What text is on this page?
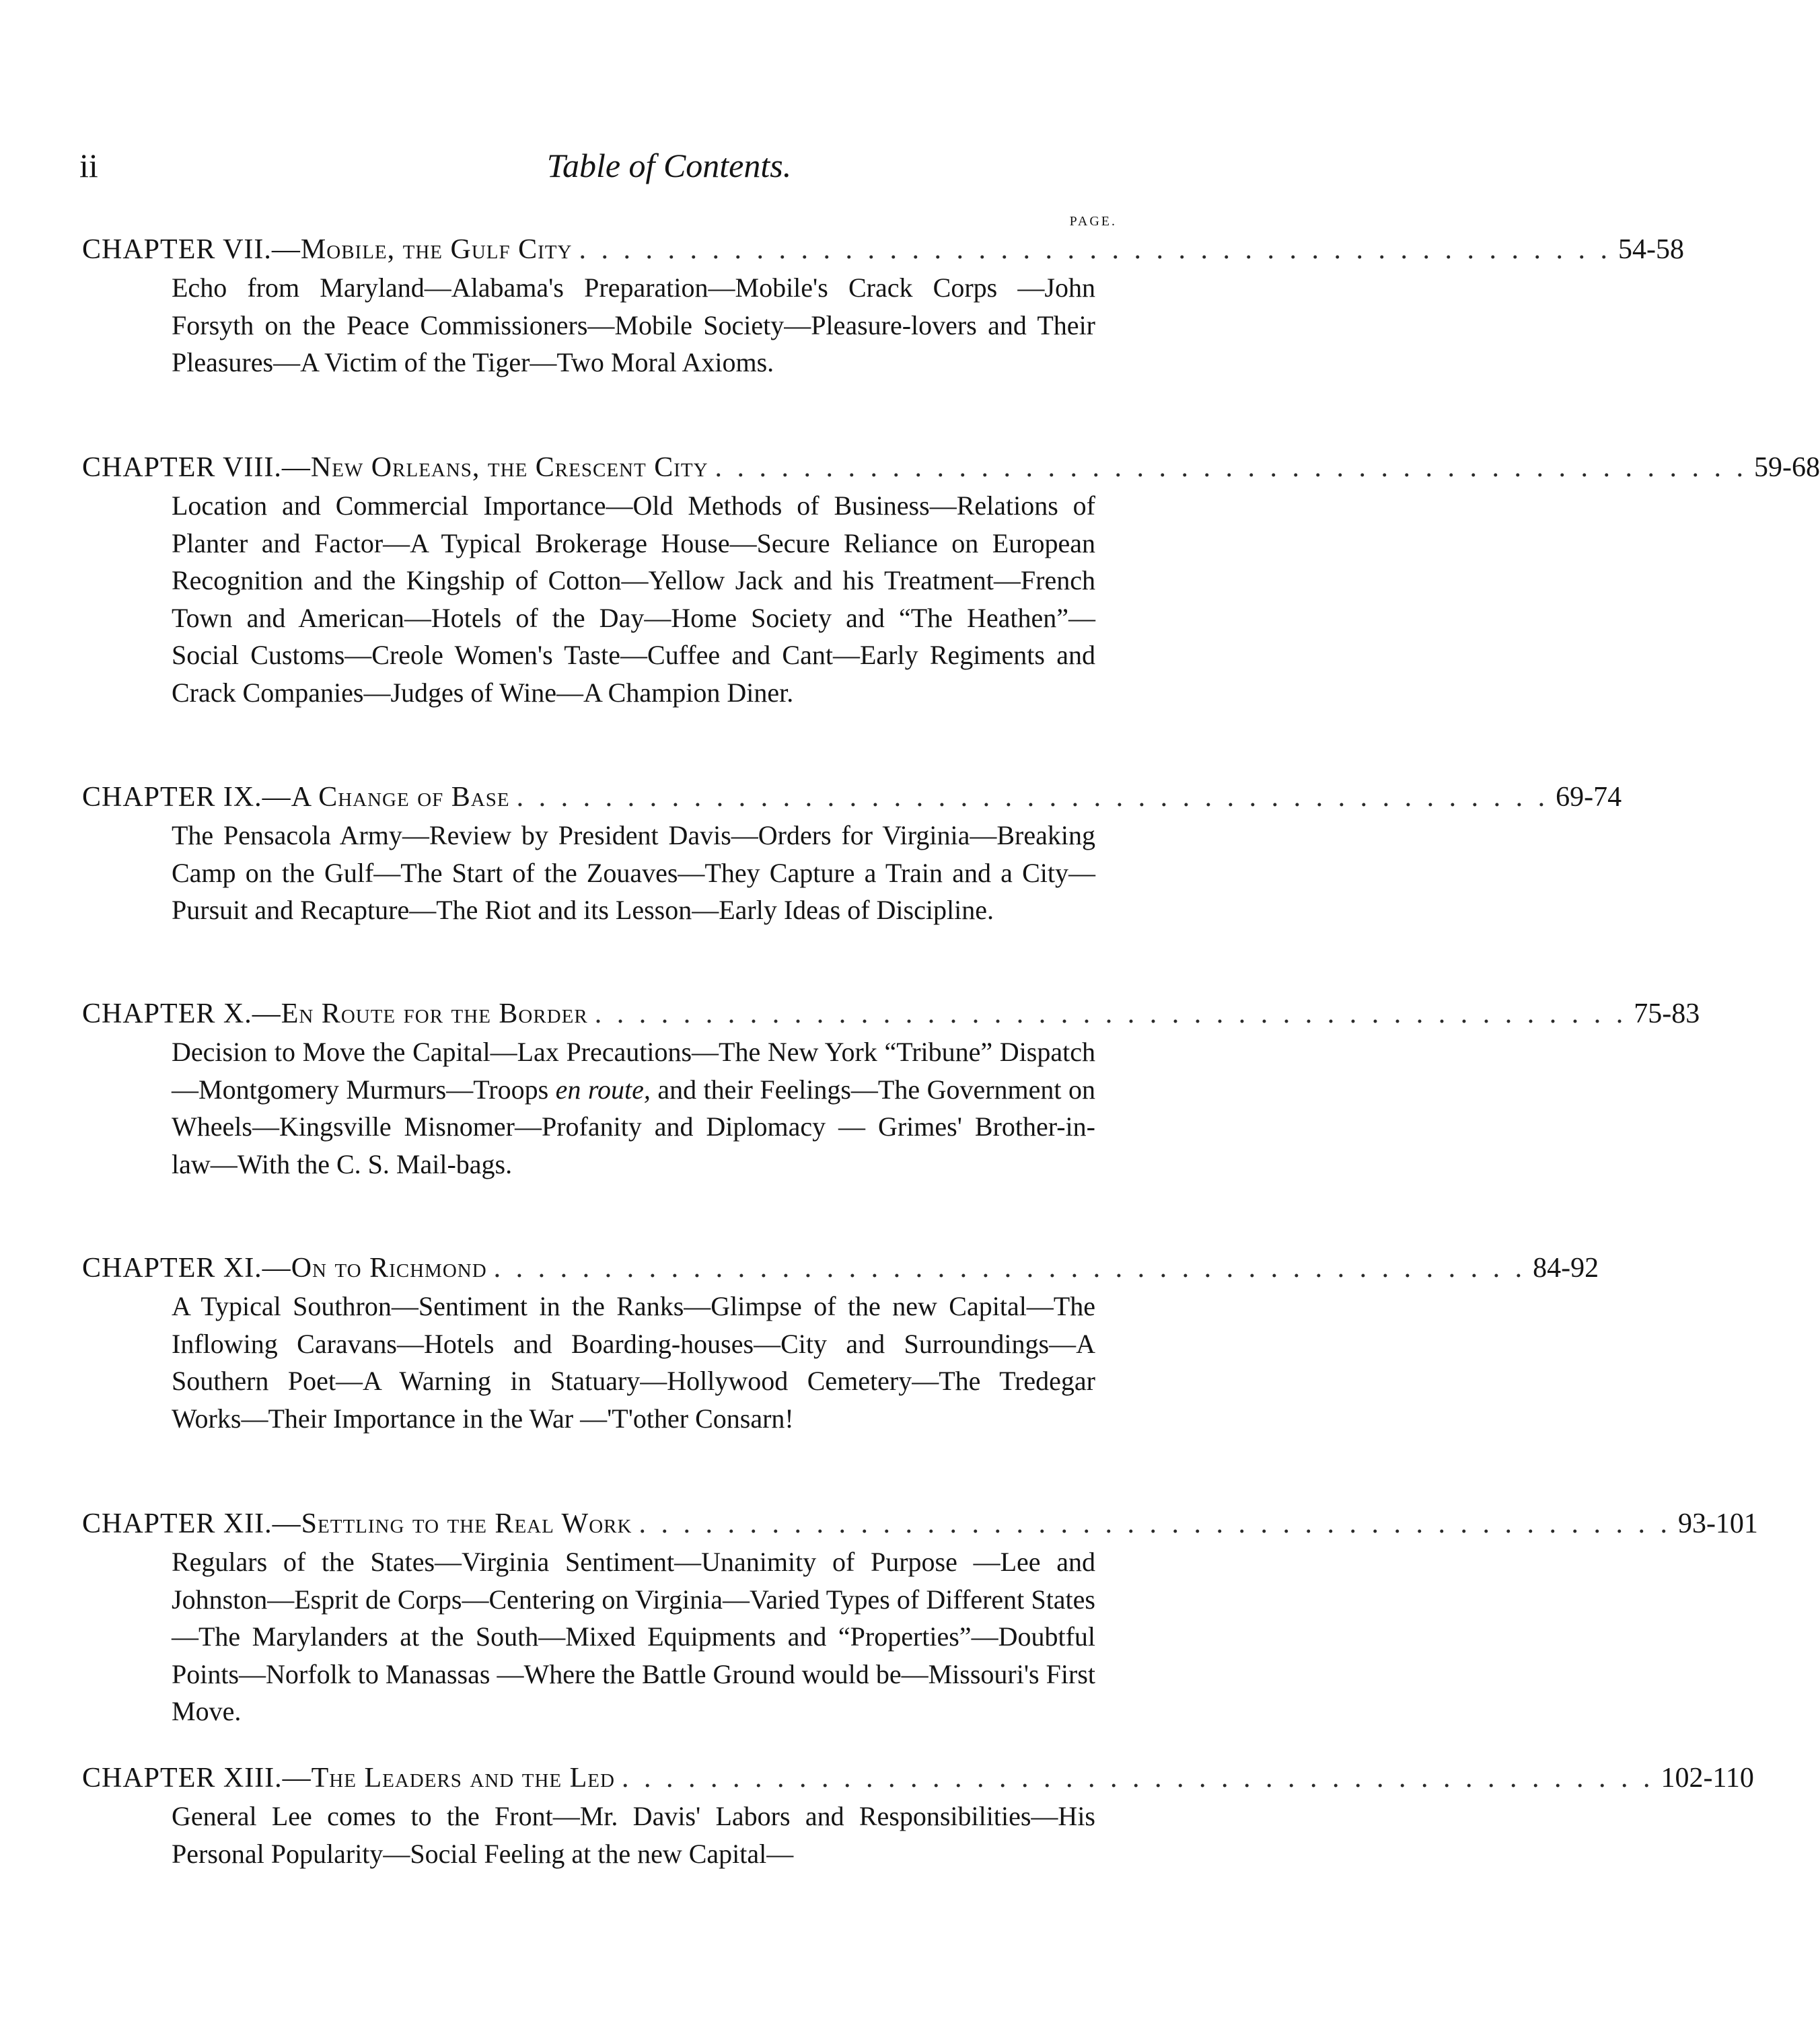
ii	Table of Contents.
PAGE.
CHAPTER VII.— Mobile, the Gulf City . . . . . . . . . . . . . . . . . . . . . . . . . . . . . . . . . . . . . . . . . . . . . . . 54-58

Echo from Maryland—Alabama's Preparation—Mobile's Crack Corps —John Forsyth on the Peace Commissioners—Mobile Society—Pleasure-lovers and Their Pleasures—A Victim of the Tiger—Two Moral Axioms.

CHAPTER VIII.— New Orleans, the Crescent City . . . . . . . . . . . . . . . . . . . . . . . . . . . . . . . . . . . . . . . . . . . . . . . 59-68

Location and Commercial Importance—Old Methods of Business—Relations of Planter and Factor—A Typical Brokerage House—Secure Reliance on European Recognition and the Kingship of Cotton—Yellow Jack and his Treatment—French Town and American—Hotels of the Day—Home Society and “The Heathen”—Social Customs—Creole Women's Taste—Cuffee and Cant—Early Regiments and Crack Companies—Judges of Wine—A Champion Diner.

CHAPTER IX.— A Change of Base . . . . . . . . . . . . . . . . . . . . . . . . . . . . . . . . . . . . . . . . . . . . . . . 69-74

The Pensacola Army—Review by President Davis—Orders for Virginia—Breaking Camp on the Gulf—The Start of the Zouaves—They Capture a Train and a City—Pursuit and Recapture—The Riot and its Lesson—Early Ideas of Discipline.

CHAPTER X.— En Route for the Border . . . . . . . . . . . . . . . . . . . . . . . . . . . . . . . . . . . . . . . . . . . . . . . 75-83

Decision to Move the Capital—Lax Precautions—The New York “Tribune” Dispatch—Montgomery Murmurs—Troops en route, and their Feelings—The Government on Wheels—Kingsville Misnomer—Profanity and Diplomacy — Grimes' Brother-in-law—With the C. S. Mail-bags.

CHAPTER XI.— On to Richmond . . . . . . . . . . . . . . . . . . . . . . . . . . . . . . . . . . . . . . . . . . . . . . . 84-92

A Typical Southron—Sentiment in the Ranks—Glimpse of the new Capital—The Inflowing Caravans—Hotels and Boarding-houses—City and Surroundings—A Southern Poet—A Warning in Statuary—Hollywood Cemetery—The Tredegar Works—Their Importance in the War —'T'other Consarn!

CHAPTER XII.— Settling to the Real Work . . . . . . . . . . . . . . . . . . . . . . . . . . . . . . . . . . . . . . . . . . . . . . . 93-101

Regulars of the States—Virginia Sentiment—Unanimity of Purpose —Lee and Johnston—Esprit de Corps—Centering on Virginia—Varied Types of Different States—The Marylanders at the South—Mixed Equipments and “Properties”—Doubtful Points—Norfolk to Manassas —Where the Battle Ground would be—Missouri's First Move.

CHAPTER XIII.— The Leaders and the Led . . . . . . . . . . . . . . . . . . . . . . . . . . . . . . . . . . . . . . . . . . . . . . . 102-110

General Lee comes to the Front—Mr. Davis' Labors and Responsibilities—His Personal Popularity—Social Feeling at the new Capital—
